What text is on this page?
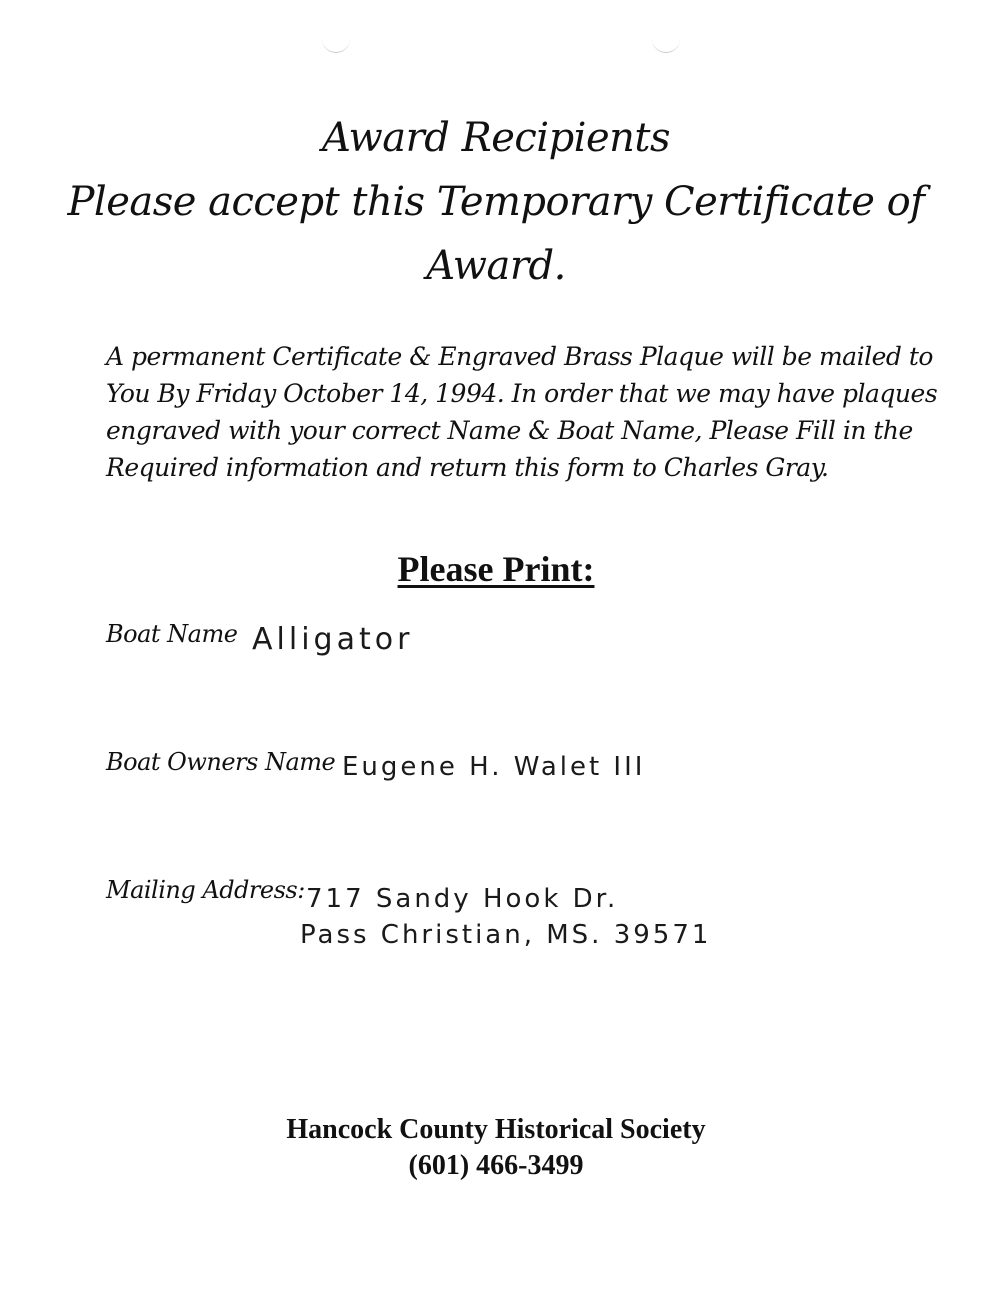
Award Recipients
Please accept this Temporary Certificate of
Award.
A permanent Certificate & Engraved Brass Plaque will be mailed to
You By Friday October 14, 1994. In order that we may have plaques
engraved with your correct Name & Boat Name, Please Fill in the
Required information and return this form to Charles Gray.
Please Print:
Boat Name Alligator
Boat Owners Name Eugene H. Walet III
Mailing Address: 717 Sandy Hook Dr.
Pass Christian, MS. 39571
Hancock County Historical Society
(601) 466-3499
